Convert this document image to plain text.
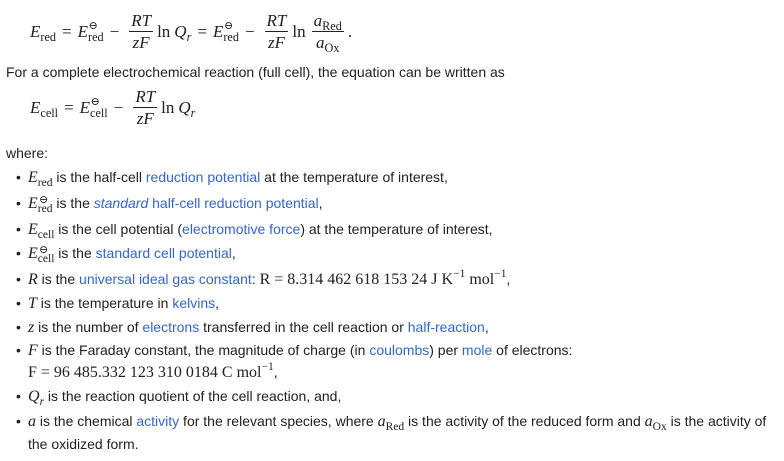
$E_{red} = E$ ⊖
$_{red} - \frac{RT}{zF}$ $\ln Q_r = E$ ⊖
$_{red} - \frac{RT}{zF}$ $\ln \frac{a_{Red}}{a_{Ox}}$ .
For a complete electrochemical reaction (full cell), the equation can be written as
$E_{cell} = E$ ⊖
$_{cell} - \frac{RT}{zF}$ $\ln Q_r$
where:
• $E_{red}$ is the half-cell reduction potential at the temperature of interest,
• E ⊖
$_{red}$ is the standard half-cell reduction potential,
• $E_{cell}$ is the cell potential (electromotive force) at the temperature of interest,
• E ⊖
$_{cell}$ is the standard cell potential,
• R is the universal ideal gas constant: R = 8.314 462 618 153 24 J $K^{-1}$ mol$^{-1}$,
• T is the temperature in kelvins,
• z is the number of electrons transferred in the cell reaction or half-reaction,
• F is the Faraday constant, the magnitude of charge (in coulombs) per mole of electrons:
F = 96 485.332 123 310 0184 C mol$^{-1}$,
• $Q_r$ is the reaction quotient of the cell reaction, and,
• a is the chemical activity for the relevant species, where $a_{Red}$ is the activity of the reduced form and $a_{Ox}$ is the activity of the oxidized form.
